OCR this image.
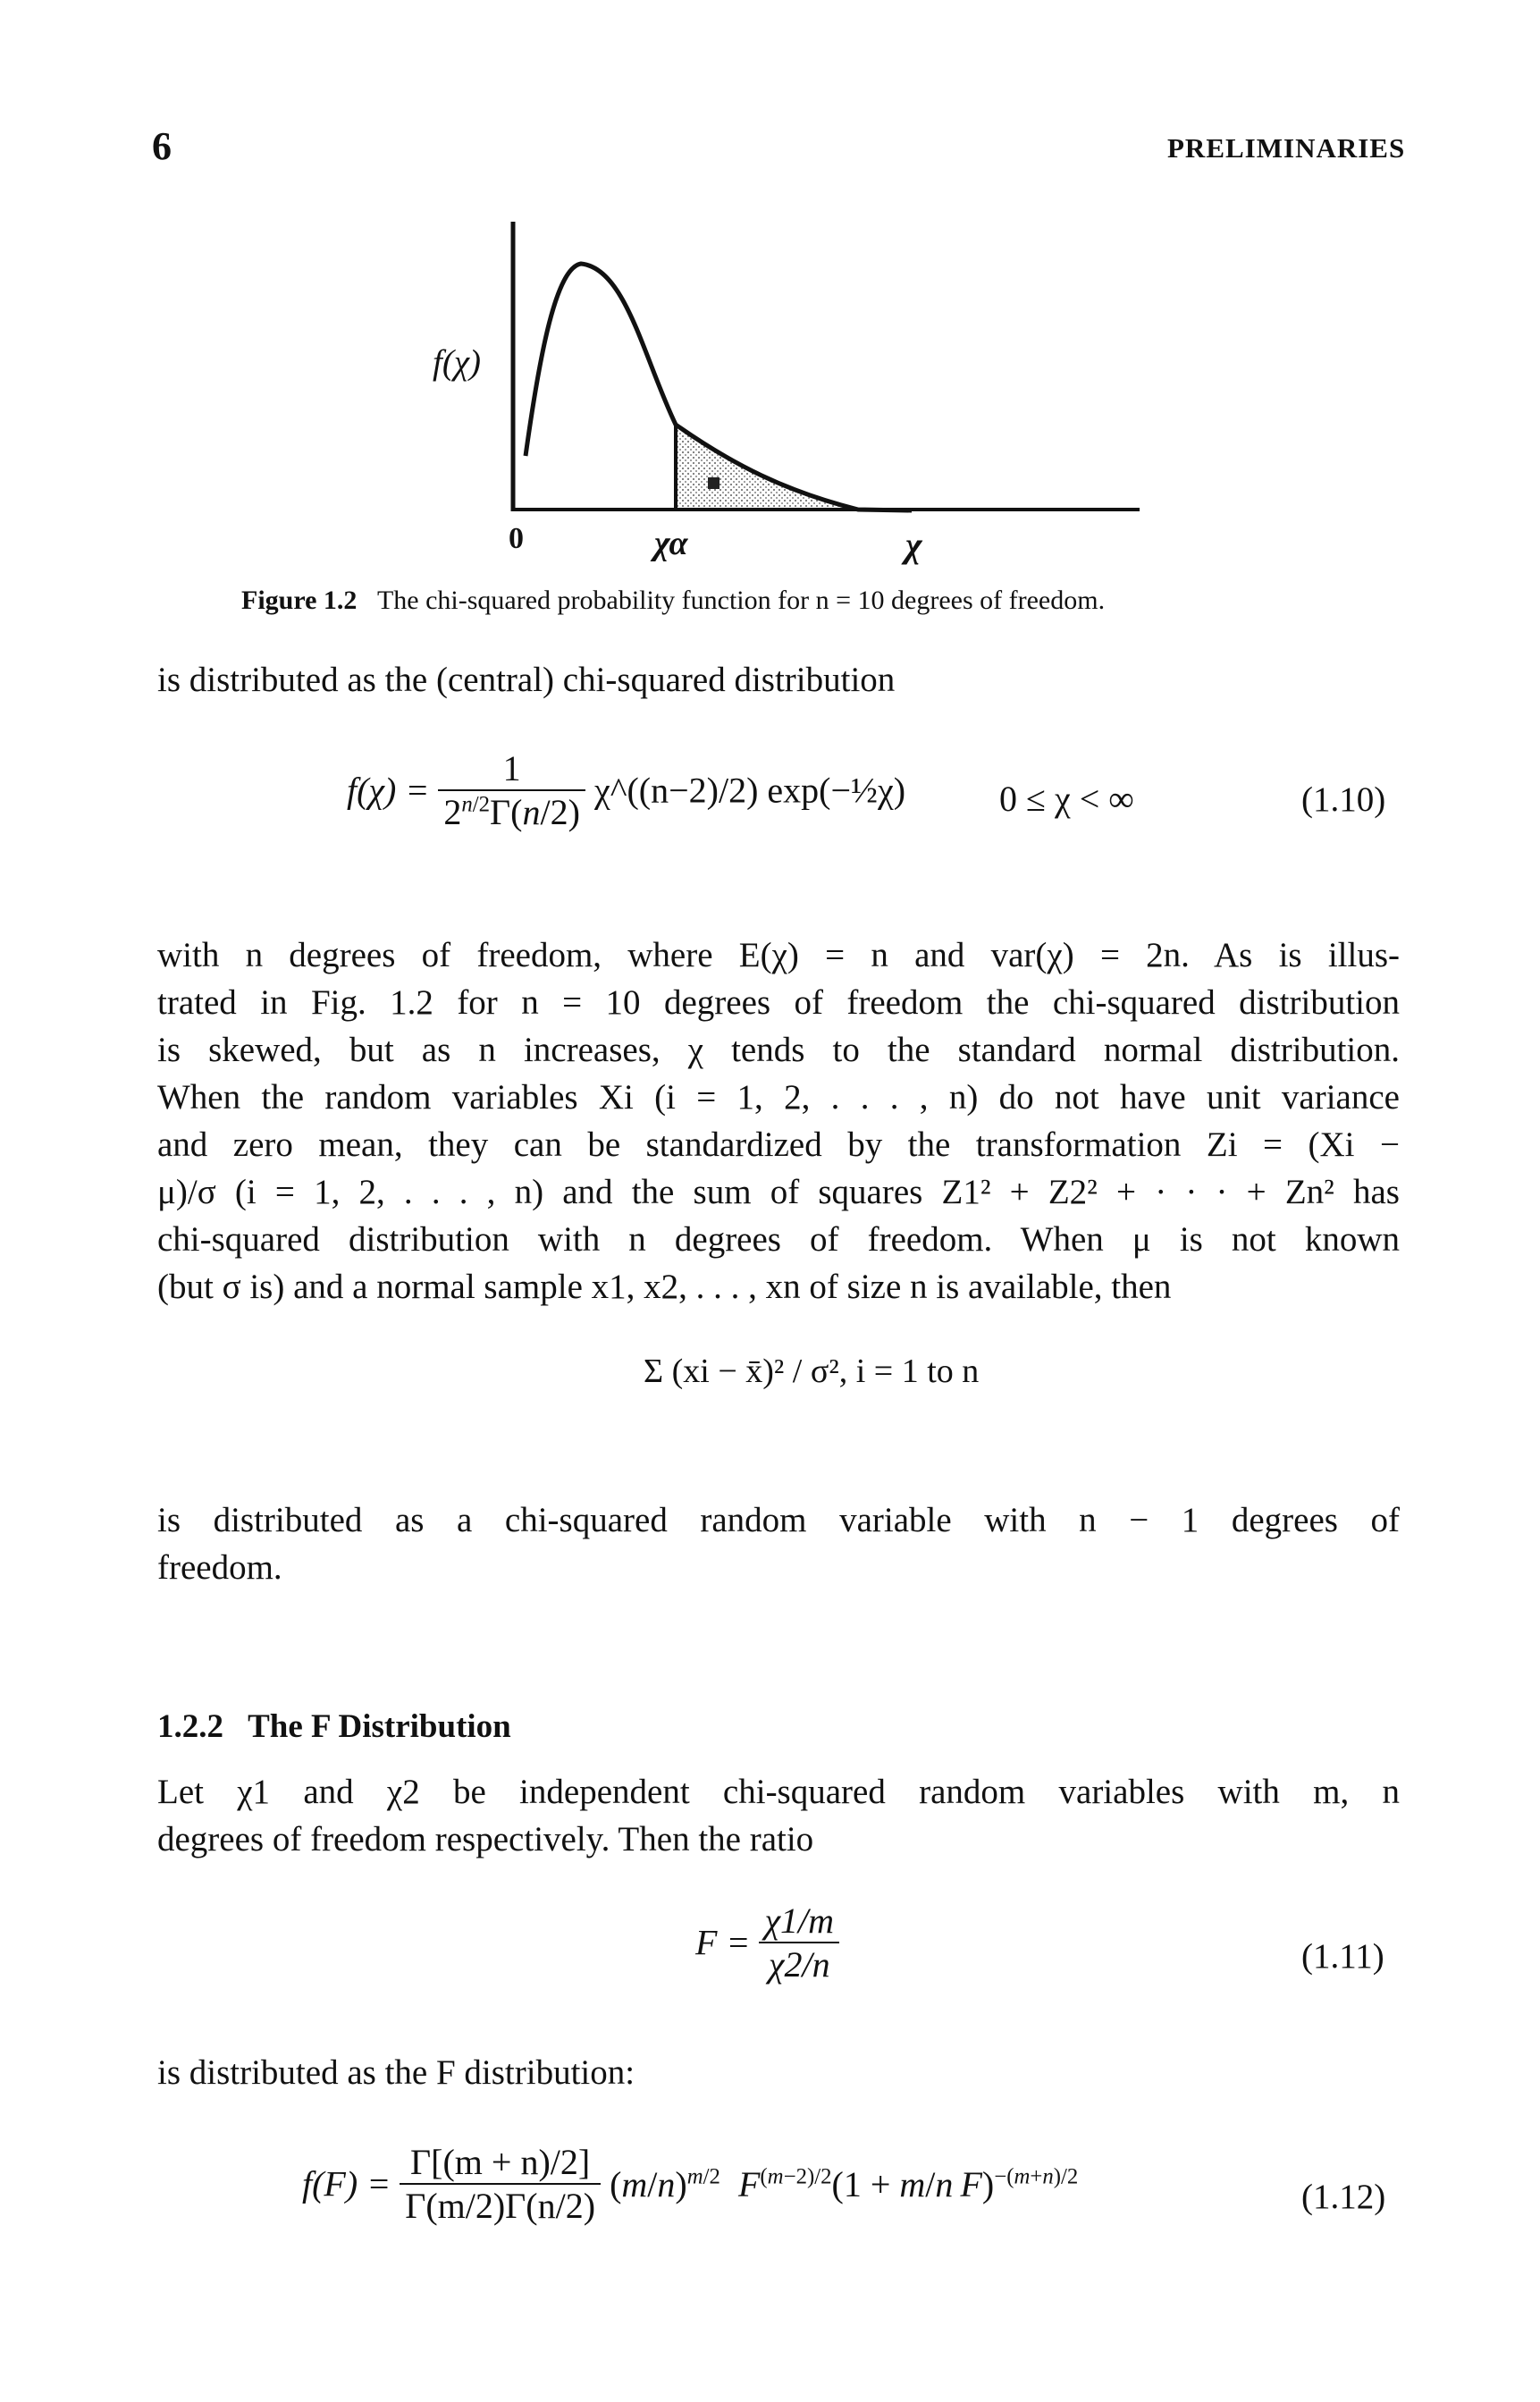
6	PRELIMINARIES
f(χ)
0	χα	χ
Figure 1.2 The chi-squared probability function for n = 10 degrees of freedom.
is distributed as the (central) chi-squared distribution
$f(\chi) = \frac{1}{2^{n/2}\Gamma(n/2)}$ χ^((n−2)/2) exp(−½χ)	0 ≤ χ < ∞	(1.10)
with n degrees of freedom, where E(χ) = n and var(χ) = 2n. As is illus-
trated in Fig. 1.2 for n = 10 degrees of freedom the chi-squared distribution
is skewed, but as n increases, χ tends to the standard normal distribution.
When the random variables Xi (i = 1, 2, . . . , n) do not have unit variance
and zero mean, they can be standardized by the transformation Zi = (Xi −
μ)/σ (i = 1, 2, . . . , n) and the sum of squares Z1² + Z2² + · · · + Zn² has
chi-squared distribution with n degrees of freedom. When μ is not known
(but σ is) and a normal sample x1, x2, . . . , xn of size n is available, then
Σ (xi − x̄)² / σ², i = 1 to n
is distributed as a chi-squared random variable with n − 1 degrees of
freedom.
1.2.2 The F Distribution
Let χ1 and χ2 be independent chi-squared random variables with m, n
degrees of freedom respectively. Then the ratio
$F = \frac{\chi 1/m}{\chi 2/n}$	(1.11)
is distributed as the F distribution:
$f(F) = \frac{\Gamma[(m + n)/2]}{\Gamma(m/2)\Gamma(n/2)} (m/n)^{m/2}$ $F^{(m-2)/2}(1 + m/n$  F)$^{-(m+n)/2}$
(1.12)
